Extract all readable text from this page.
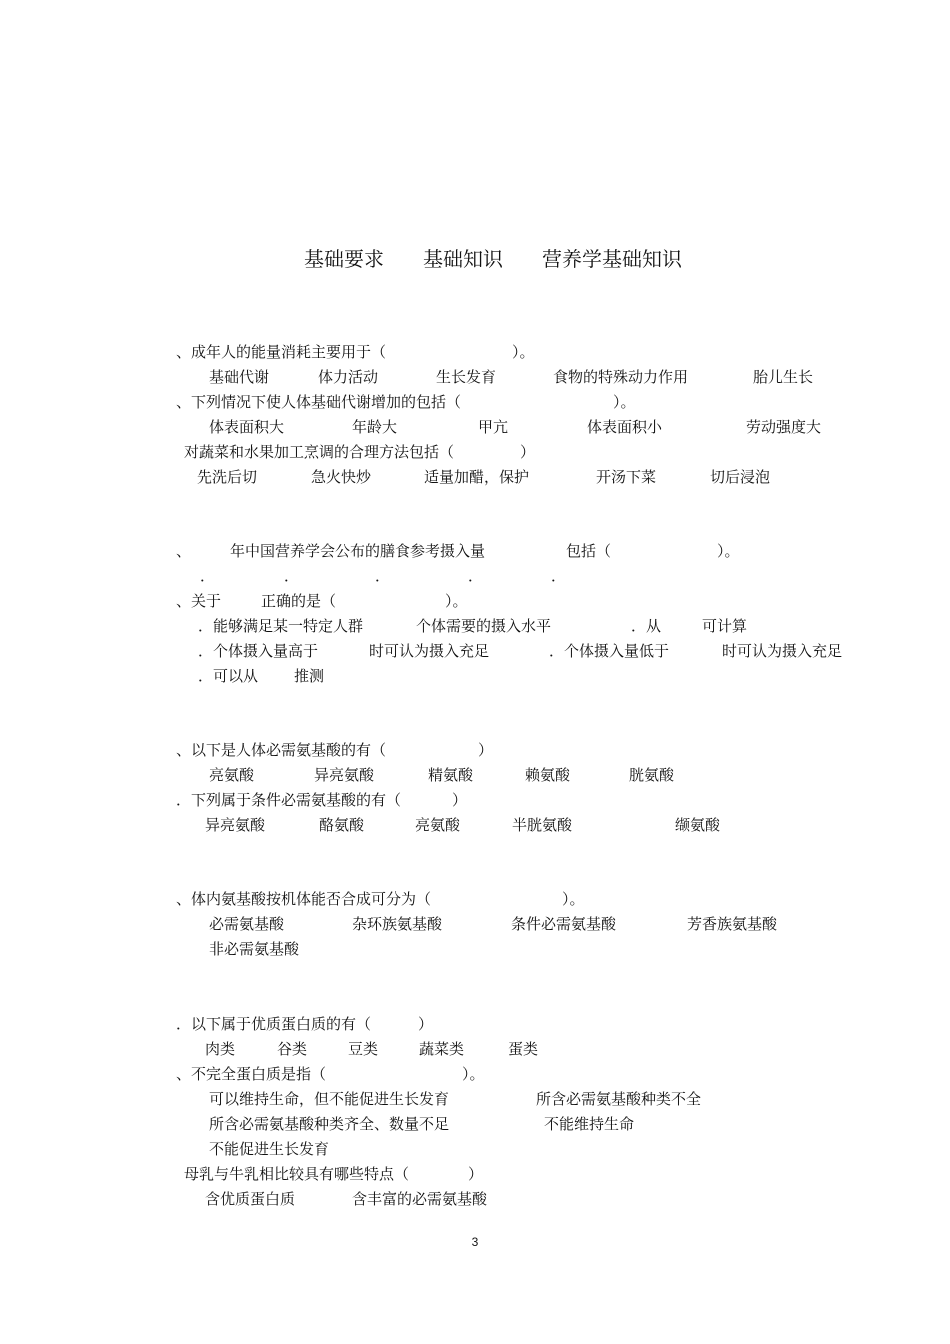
基础要求 基础知识 营养学基础知识
、成年人的能量消耗主要用于（	）。
基础代谢	体力活动	生长发育	食物的特殊动力作用	胎儿生长
、下列情况下使人体基础代谢增加的包括（	）。
体表面积大	年龄大	甲亢	体表面积小	劳动强度大
对蔬菜和水果加工烹调的合理方法包括（	）
先洗后切	急火快炒	适量加醋，保护	开汤下菜	切后浸泡
、	年中国营养学会公布的膳食参考摄入量	包括（	）。
．	．	．	．	．
、关于	正确的是（	）。
．能够满足某一特定人群	个体需要的摄入水平	．从	可计算
．个体摄入量高于	时可认为摄入充足	．个体摄入量低于	时可认为摄入充足
．可以从 推测
、以下是人体必需氨基酸的有（	）
亮氨酸	异亮氨酸	精氨酸	赖氨酸	胱氨酸
．下列属于条件必需氨基酸的有（	）
异亮氨酸	酪氨酸	亮氨酸	半胱氨酸	缬氨酸
、体内氨基酸按机体能否合成可分为（	）。
必需氨基酸	杂环族氨基酸	条件必需氨基酸	芳香族氨基酸
非必需氨基酸
．以下属于优质蛋白质的有（	）
肉类	谷类	豆类	蔬菜类	蛋类
、不完全蛋白质是指（	）。
可以维持生命，但不能促进生长发育	所含必需氨基酸种类不全
所含必需氨基酸种类齐全、数量不足	不能维持生命
不能促进生长发育
母乳与牛乳相比较具有哪些特点（	）
含优质蛋白质	含丰富的必需氨基酸
3
